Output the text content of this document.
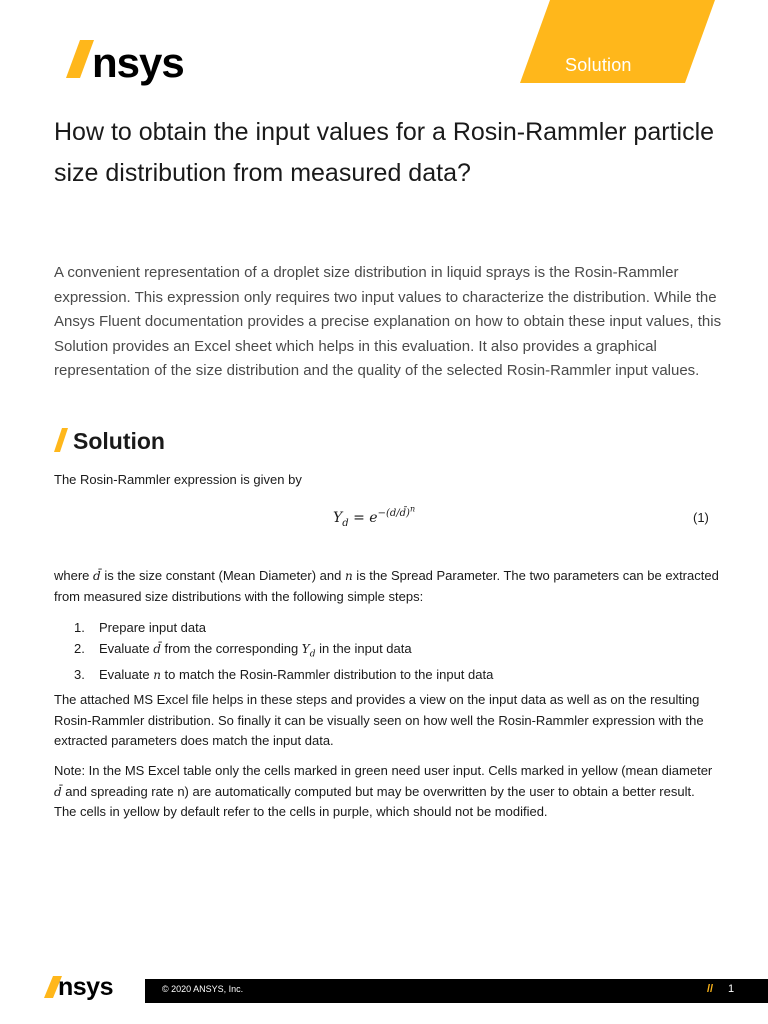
Solution
nsys
How to obtain the input values for a Rosin-Rammler particle size distribution from measured data?

A convenient representation of a droplet size distribution in liquid sprays is the Rosin-Rammler expression. This expression only requires two input values to characterize the distribution. While the Ansys Fluent documentation provides a precise explanation on how to obtain these input values, this Solution provides an Excel sheet which helps in this evaluation. It also provides a graphical representation of the size distribution and the quality of the selected Rosin-Rammler input values.

Solution

The Rosin-Rammler expression is given by

$Y_d = e^{-(d/d̄)^n}$
(1)

where d̄ is the size constant (Mean Diameter) and n is the Spread Parameter. The two parameters can be extracted from measured size distributions with the following simple steps:

1. Prepare input data
2. Evaluate d̄ from the corresponding $Y_d$ in the input data
3. Evaluate n to match the Rosin-Rammler distribution to the input data

The attached MS Excel file helps in these steps and provides a view on the input data as well as on the resulting Rosin-Rammler distribution. So finally it can be visually seen on how well the Rosin-Rammler expression with the extracted parameters does match the input data.

Note: In the MS Excel table only the cells marked in green need user input. Cells marked in yellow (mean diameter d̄ and spreading rate n) are automatically computed but may be overwritten by the user to obtain a better result. The cells in yellow by default refer to the cells in purple, which should not be modified.

nsys	© 2020 ANSYS, Inc.	// 1
